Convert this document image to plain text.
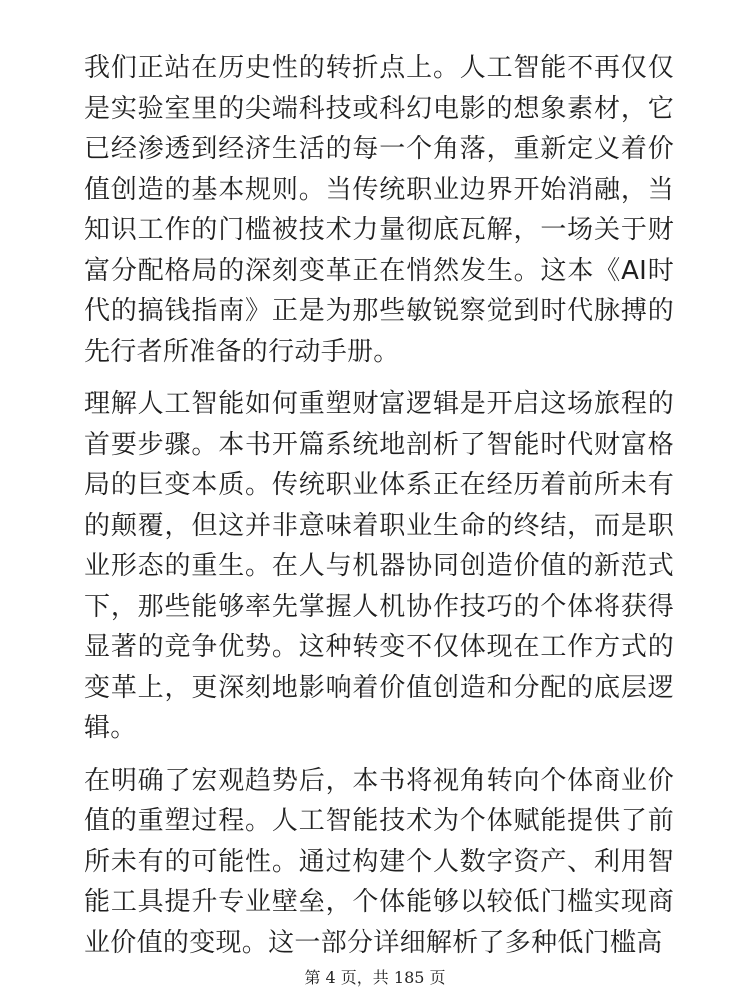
我们正站在历史性的转折点上。人工智能不再仅仅是实验室里的尖端科技或科幻电影的想象素材，它已经渗透到经济生活的每一个角落，重新定义着价值创造的基本规则。当传统职业边界开始消融，当知识工作的门槛被技术力量彻底瓦解，一场关于财富分配格局的深刻变革正在悄然发生。这本《AI时代的搞钱指南》正是为那些敏锐察觉到时代脉搏的先行者所准备的行动手册。

理解人工智能如何重塑财富逻辑是开启这场旅程的首要步骤。本书开篇系统地剖析了智能时代财富格局的巨变本质。传统职业体系正在经历着前所未有的颠覆，但这并非意味着职业生命的终结，而是职业形态的重生。在人与机器协同创造价值的新范式下，那些能够率先掌握人机协作技巧的个体将获得显著的竞争优势。这种转变不仅体现在工作方式的变革上，更深刻地影响着价值创造和分配的底层逻辑。

在明确了宏观趋势后，本书将视角转向个体商业价值的重塑过程。人工智能技术为个体赋能提供了前所未有的可能性。通过构建个人数字资产、利用智能工具提升专业壁垒，个体能够以较低门槛实现商业价值的变现。这一部分详细解析了多种低门槛高

第 4 页，共 185 页
